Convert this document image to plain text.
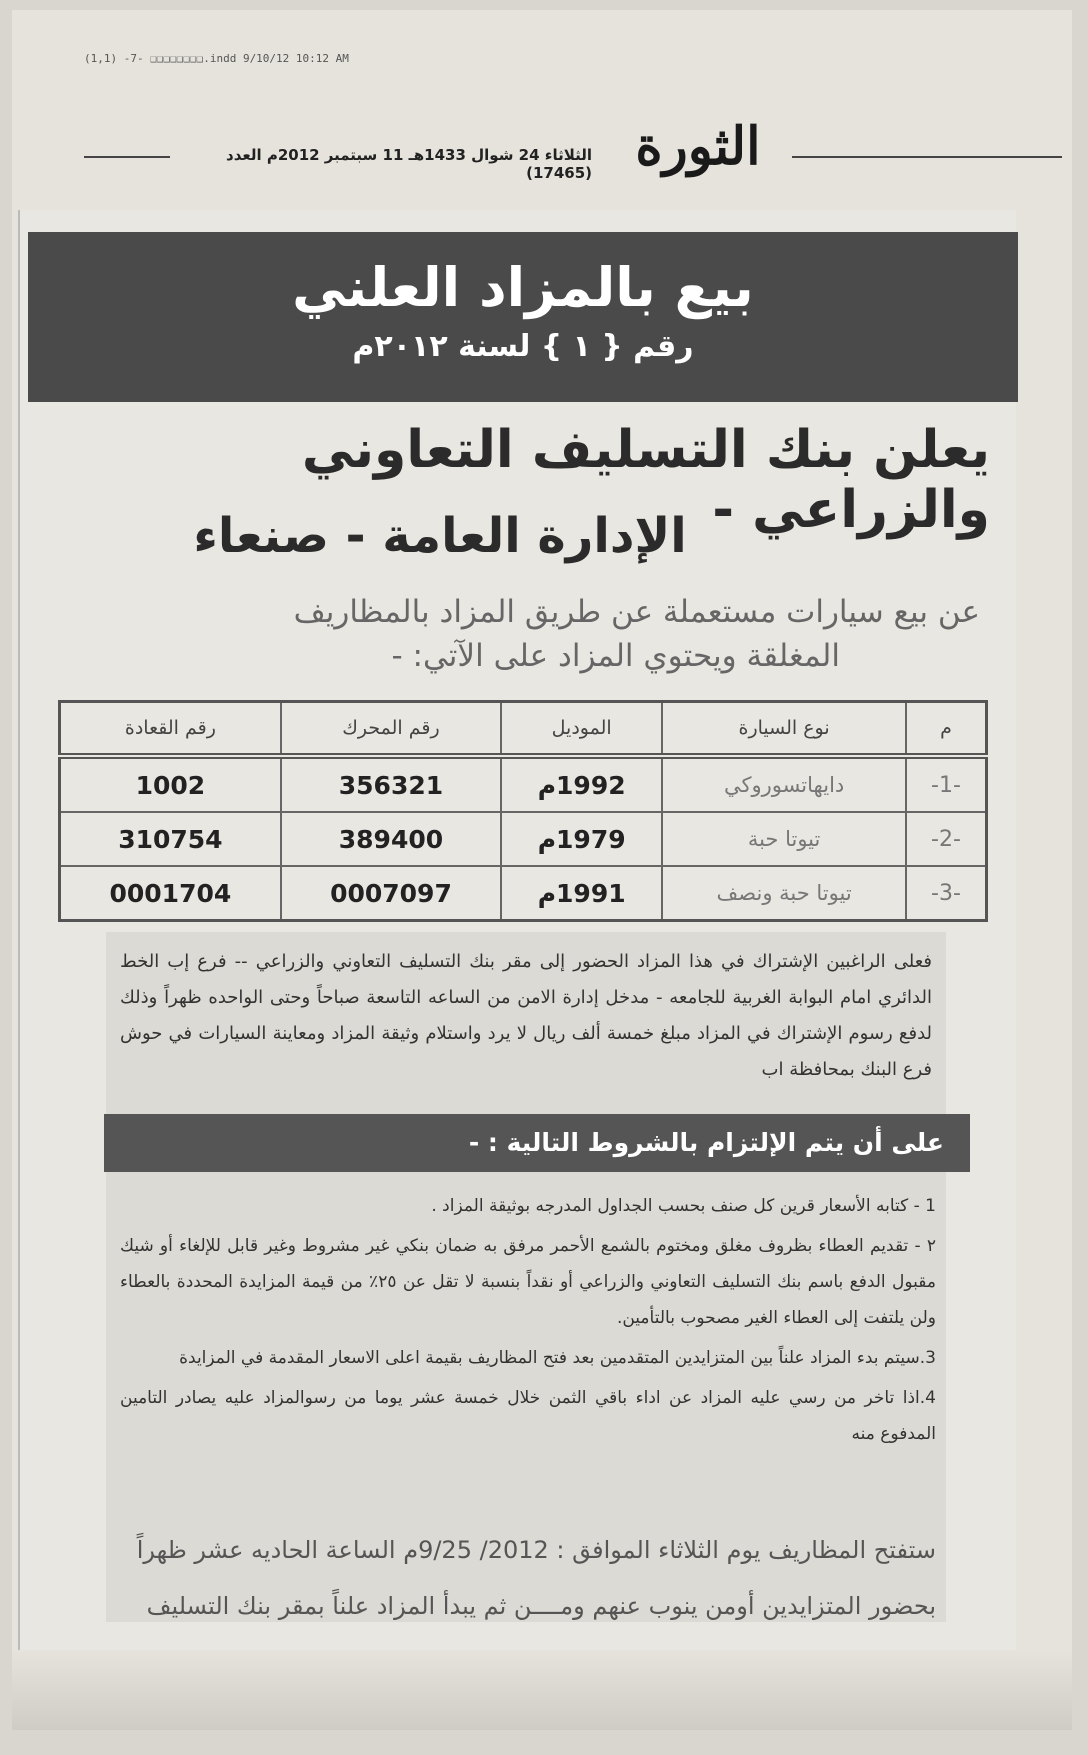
(1,1) -7- ❑❑❑❑❑❑❑❑.indd 9/10/12 10:12 AM
الثلاثاء 24 شوال 1433هـ 11 سبتمبر 2012م العدد (17465) الثورة
بيع بالمزاد العلني
رقم { ١ } لسنة ٢٠١٢م
يعلن بنك التسليف التعاوني والزراعي -
الإدارة العامة - صنعاء
عن بيع سيارات مستعملة عن طريق المزاد بالمظاريف
المغلقة ويحتوي المزاد على الآتي: -
م	نوع السيارة	الموديل	رقم المحرك	رقم القعادة
-1-	دايهاتسوروكي	1992م	356321	1002
-2-	تيوتا حبة	1979م	389400	310754
-3-	تيوتا حبة ونصف	1991م	0007097	0001704

فعلى الراغبين الإشتراك في هذا المزاد الحضور إلى مقر بنك التسليف التعاوني والزراعي -- فرع إب الخط الدائري امام البوابة الغربية للجامعه - مدخل إدارة الامن من الساعه التاسعة صباحاً وحتى الواحده ظهراً وذلك لدفع رسوم الإشتراك في المزاد مبلغ خمسة ألف ريال لا يرد واستلام وثيقة المزاد ومعاينة السيارات في حوش فرع البنك بمحافظة اب

على أن يتم الإلتزام بالشروط التالية : -
1 - كتابه الأسعار قرين كل صنف بحسب الجداول المدرجه بوثيقة المزاد .
٢ - تقديم العطاء بظروف مغلق ومختوم بالشمع الأحمر مرفق به ضمان بنكي غير مشروط وغير قابل للإلغاء أو شيك مقبول الدفع باسم بنك التسليف التعاوني والزراعي أو نقداً بنسبة لا تقل عن ٢٥٪ من قيمة المزايدة المحددة بالعطاء ولن يلتفت إلى العطاء الغير مصحوب بالتأمين.
3.سيتم بدء المزاد علناً بين المتزايدين المتقدمين بعد فتح المظاريف بقيمة اعلى الاسعار المقدمة في المزايدة
4.اذا تاخر من رسي عليه المزاد عن اداء باقي الثمن خلال خمسة عشر يوما من رسوالمزاد عليه يصادر التامين المدفوع منه
ستفتح المظاريف يوم الثلاثاء الموافق : 2012/ 9/25م الساعة الحاديه عشر ظهراً بحضور المتزايدين أومن ينوب عنهم ومــــن ثم يبدأ المزاد علناً بمقر بنك التسليف
